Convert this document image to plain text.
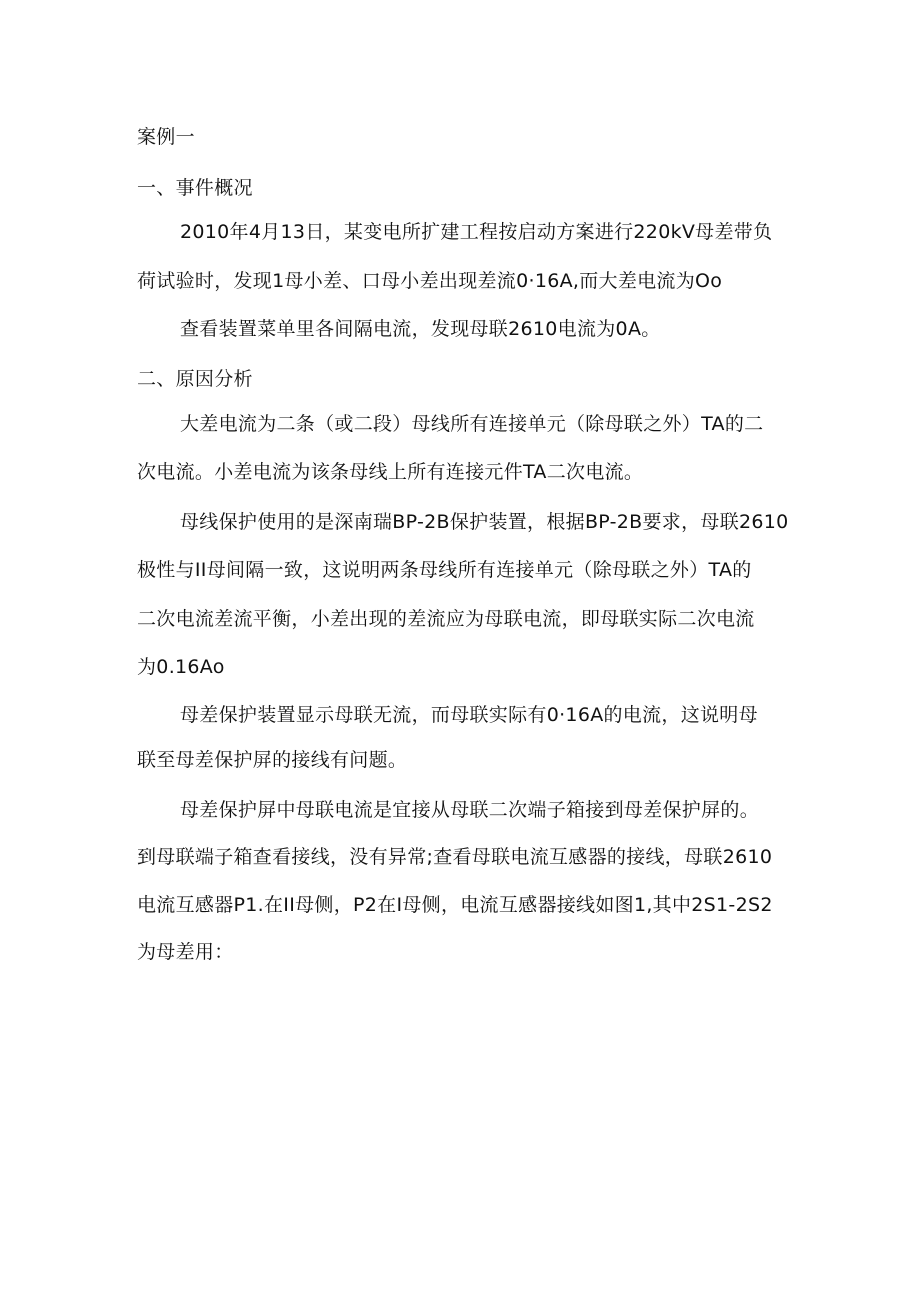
案例一
一、事件概况
2010年4月13日，某变电所扩建工程按启动方案进行220kV母差带负
荷试验时，发现1母小差、口母小差出现差流0·16A,而大差电流为Oo
查看装置菜单里各间隔电流，发现母联2610电流为0A。
二、原因分析
大差电流为二条（或二段）母线所有连接单元（除母联之外）TA的二
次电流。小差电流为该条母线上所有连接元件TA二次电流。
母线保护使用的是深南瑞BP-2B保护装置，根据BP-2B要求，母联2610
极性与II母间隔一致，这说明两条母线所有连接单元（除母联之外）TA的
二次电流差流平衡，小差出现的差流应为母联电流，即母联实际二次电流
为0.16Ao
母差保护装置显示母联无流，而母联实际有0·16A的电流，这说明母
联至母差保护屏的接线有问题。
母差保护屏中母联电流是宜接从母联二次端子箱接到母差保护屏的。
到母联端子箱查看接线，没有异常;查看母联电流互感器的接线，母联2610
电流互感器P1.在II母侧，P2在I母侧，电流互感器接线如图1,其中2S1-2S2
为母差用：
